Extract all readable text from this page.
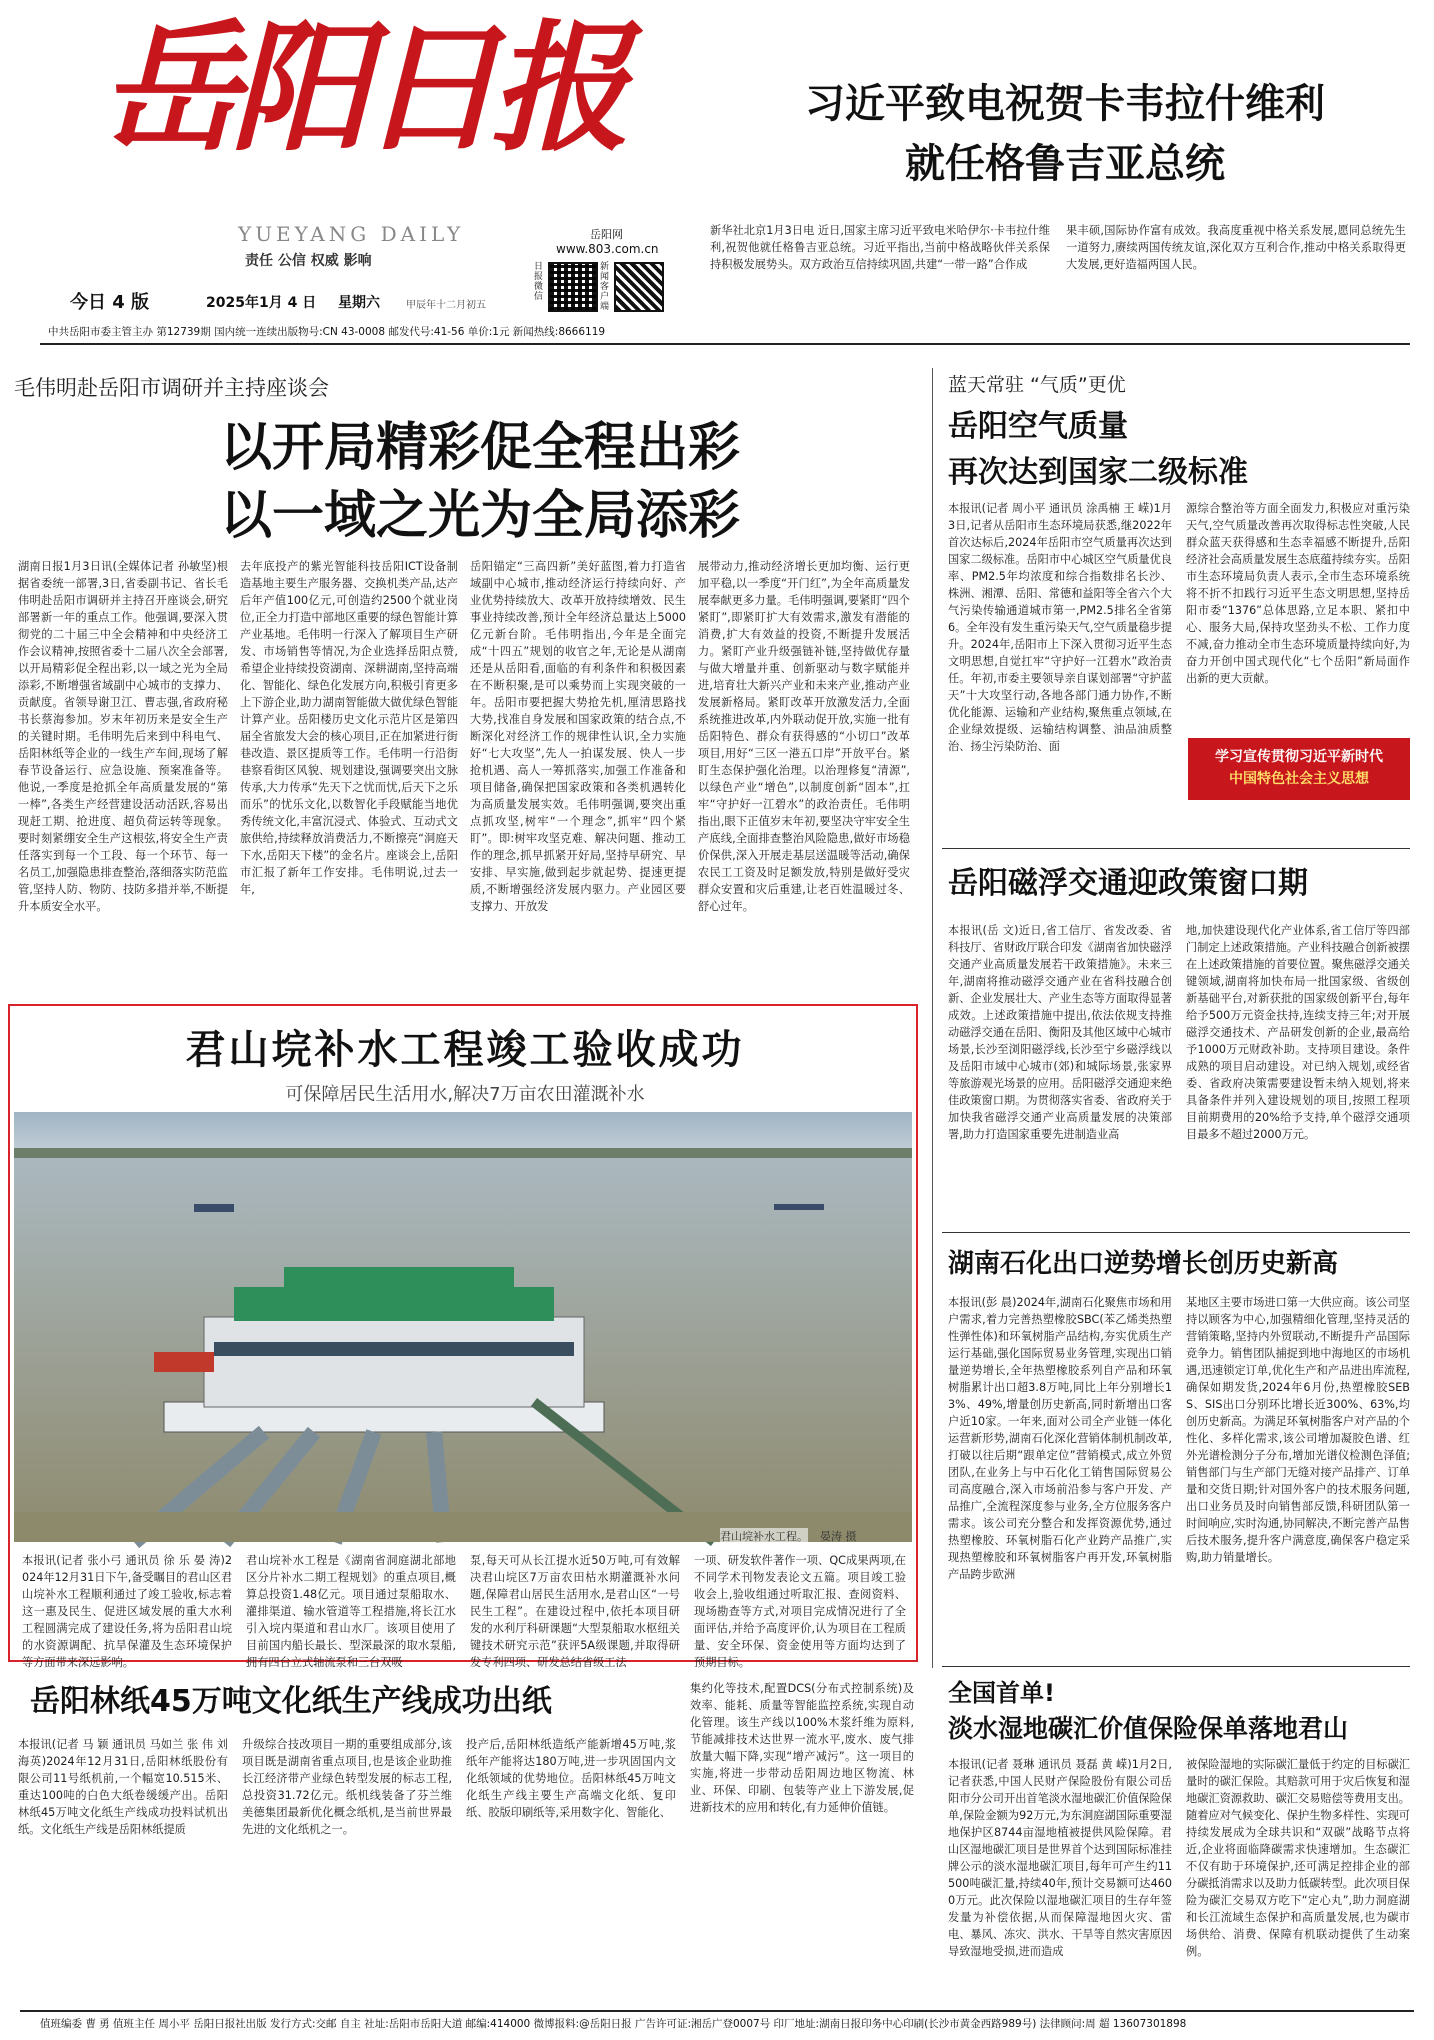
岳阳日报
YUEYANG DAILY
责任 公信 权威 影响
岳阳网
www.803.com.cn
日报微信
新闻客户端
今日 4 版	2025年1月 4 日 星期六	甲辰年十二月初五
中共岳阳市委主管主办 第12739期 国内统一连续出版物号:CN 43-0008 邮发代号:41-56 单价:1元 新闻热线:8666119
习近平致电祝贺卡韦拉什维利
就任格鲁吉亚总统
新华社北京1月3日电 近日,国家主席习近平致电米哈伊尔·卡韦拉什维利,祝贺他就任格鲁吉亚总统。习近平指出,当前中格战略伙伴关系保持积极发展势头。双方政治互信持续巩固,共建“一带一路”合作成
果丰硕,国际协作富有成效。我高度重视中格关系发展,愿同总统先生一道努力,赓续两国传统友谊,深化双方互利合作,推动中格关系取得更大发展,更好造福两国人民。
毛伟明赴岳阳市调研并主持座谈会
以开局精彩促全程出彩
以一域之光为全局添彩
湖南日报1月3日讯(全媒体记者 孙敏坚)根据省委统一部署,3日,省委副书记、省长毛伟明赴岳阳市调研并主持召开座谈会,研究部署新一年的重点工作。他强调,要深入贯彻党的二十届三中全会精神和中央经济工作会议精神,按照省委十二届八次全会部署,以开局精彩促全程出彩,以一域之光为全局添彩,不断增强省域副中心城市的支撑力、贡献度。省领导谢卫江、曹志强,省政府秘书长蔡海参加。岁末年初历来是安全生产的关键时期。毛伟明先后来到中科电气、岳阳林纸等企业的一线生产车间,现场了解春节设备运行、应急设施、预案准备等。他说,一季度是抢抓全年高质量发展的“第一棒”,各类生产经营建设活动活跃,容易出现赶工期、抢进度、超负荷运转等现象。要时刻紧绷安全生产这根弦,将安全生产责任落实到每一个工段、每一个环节、每一名员工,加强隐患排查整治,落细落实防范监管,坚持人防、物防、技防多措并举,不断提升本质安全水平。
去年底投产的紫光智能科技岳阳ICT设备制造基地主要生产服务器、交换机类产品,达产后年产值100亿元,可创造约2500个就业岗位,正全力打造中部地区重要的绿色智能计算产业基地。毛伟明一行深入了解项目生产研发、市场销售等情况,为企业选择岳阳点赞,希望企业持续投资湖南、深耕湖南,坚持高端化、智能化、绿色化发展方向,积极引育更多上下游企业,助力湖南智能做大做优绿色智能计算产业。岳阳楼历史文化示范片区是第四届全省旅发大会的核心项目,正在加紧进行街巷改造、景区提质等工作。毛伟明一行沿街巷察看街区风貌、规划建设,强调要突出文脉传承,大力传承“先天下之忧而忧,后天下之乐而乐”的忧乐文化,以数智化手段赋能当地优秀传统文化,丰富沉浸式、体验式、互动式文旅供给,持续释放消费活力,不断擦亮“洞庭天下水,岳阳天下楼”的金名片。座谈会上,岳阳市汇报了新年工作安排。毛伟明说,过去一年,
岳阳锚定“三高四新”美好蓝图,着力打造省域副中心城市,推动经济运行持续向好、产业优势持续放大、改革开放持续增效、民生事业持续改善,预计全年经济总量达上5000亿元新台阶。毛伟明指出,今年是全面完成“十四五”规划的收官之年,无论是从湖南还是从岳阳看,面临的有利条件和积极因素在不断积聚,是可以乘势而上实现突破的一年。岳阳市要把握大势抢先机,厘清思路找大势,找准自身发展和国家政策的结合点,不断深化对经济工作的规律性认识,全力实施好“七大攻坚”,先人一拍谋发展、快人一步抢机遇、高人一筹抓落实,加强工作准备和项目储备,确保把国家政策和各类机遇转化为高质量发展实效。毛伟明强调,要突出重点抓攻坚,树牢“一个理念”,抓牢“四个紧盯”。即:树牢攻坚克难、解决问题、推动工作的理念,抓早抓紧开好局,坚持早研究、早安排、早实施,做到起步就起势、提速更提质,不断增强经济发展内驱力。产业园区要支撑力、开放发
展带动力,推动经济增长更加均衡、运行更加平稳,以一季度“开门红”,为全年高质量发展奉献更多力量。毛伟明强调,要紧盯“四个紧盯”,即紧盯扩大有效需求,激发有潜能的消费,扩大有效益的投资,不断提升发展活力。紧盯产业升级强链补链,坚持做优存量与做大增量并重、创新驱动与数字赋能并进,培育壮大新兴产业和未来产业,推动产业发展新格局。紧盯改革开放激发活力,全面系统推进改革,内外联动促开放,实施一批有岳阳特色、群众有获得感的“小切口”改革项目,用好“三区一港五口岸”开放平台。紧盯生态保护强化治理。以治理修复“清源”,以绿色产业“增色”,以制度创新“固本”,扛牢“守护好一江碧水”的政治责任。毛伟明指出,眼下正值岁末年初,要坚决守牢安全生产底线,全面排查整治风险隐患,做好市场稳价保供,深入开展走基层送温暖等活动,确保农民工工资及时足额发放,特别是做好受灾群众安置和灾后重建,让老百姓温暖过冬、舒心过年。
蓝天常驻 “气质”更优
岳阳空气质量
再次达到国家二级标准
本报讯(记者 周小平 通讯员 涂禹楠 王 嵘)1月3日,记者从岳阳市生态环境局获悉,继2022年首次达标后,2024年岳阳市空气质量再次达到国家二级标准。岳阳市中心城区空气质量优良率、PM2.5年均浓度和综合指数排名长沙、株洲、湘潭、岳阳、常德和益阳等全省六个大气污染传输通道城市第一,PM2.5排名全省第6。全年没有发生重污染天气,空气质量稳步提升。2024年,岳阳市上下深入贯彻习近平生态文明思想,自觉扛牢“守护好一江碧水”政治责任。年初,市委主要领导亲自谋划部署“守护蓝天”十大攻坚行动,各地各部门通力协作,不断优化能源、运输和产业结构,聚焦重点领域,在企业绿效提级、运输结构调整、油品油质整治、扬尘污染防治、面
源综合整治等方面全面发力,积极应对重污染天气,空气质量改善再次取得标志性突破,人民群众蓝天获得感和生态幸福感不断提升,岳阳经济社会高质量发展生态底蕴持续夯实。岳阳市生态环境局负责人表示,全市生态环境系统将不折不扣践行习近平生态文明思想,坚持岳阳市委“1376”总体思路,立足本职、紧扣中心、服务大局,保持攻坚劲头不松、工作力度不减,奋力推动全市生态环境质量持续向好,为奋力开创中国式现代化“七个岳阳”新局面作出新的更大贡献。
学习宣传贯彻习近平新时代
中国特色社会主义思想
岳阳磁浮交通迎政策窗口期
本报讯(岳 文)近日,省工信厅、省发改委、省科技厅、省财政厅联合印发《湖南省加快磁浮交通产业高质量发展若干政策措施》。未来三年,湖南将推动磁浮交通产业在省科技融合创新、企业发展壮大、产业生态等方面取得显著成效。上述政策措施中提出,依法依规支持推动磁浮交通在岳阳、衡阳及其他区域中心城市场景,长沙至浏阳磁浮线,长沙至宁乡磁浮线以及岳阳市域中心城市(郊)和城际场景,张家界等旅游观光场景的应用。岳阳磁浮交通迎来绝佳政策窗口期。为贯彻落实省委、省政府关于加快我省磁浮交通产业高质量发展的决策部署,助力打造国家重要先进制造业高
地,加快建设现代化产业体系,省工信厅等四部门制定上述政策措施。产业科技融合创新被摆在上述政策措施的首要位置。聚焦磁浮交通关键领域,湖南将加快布局一批国家级、省级创新基础平台,对新获批的国家级创新平台,每年给予500万元资金扶持,连续支持三年;对开展磁浮交通技术、产品研发创新的企业,最高给予1000万元财政补助。支持项目建设。条件成熟的项目启动建设。对已纳入规划,或经省委、省政府决策需要建设暂未纳入规划,将来具备条件并列入建设规划的项目,按照工程项目前期费用的20%给予支持,单个磁浮交通项目最多不超过2000万元。
湖南石化出口逆势增长创历史新高
本报讯(彭 晨)2024年,湖南石化聚焦市场和用户需求,着力完善热塑橡胶SBC(苯乙烯类热塑性弹性体)和环氧树脂产品结构,夯实优质生产运行基础,强化国际贸易业务管理,实现出口销量逆势增长,全年热塑橡胶系列自产品和环氧树脂累计出口超3.8万吨,同比上年分别增长13%、49%,增量创历史新高,同时新增出口客户近10家。一年来,面对公司全产业链一体化运营新形势,湖南石化深化营销体制机制改革,打破以往后期“跟单定位”营销模式,成立外贸团队,在业务上与中石化化工销售国际贸易公司高度融合,深入市场前沿参与客户开发、产品推广,全流程深度参与业务,全方位服务客户需求。该公司充分整合和发挥资源优势,通过热塑橡胶、环氧树脂石化产业跨产品推广,实现热塑橡胶和环氧树脂客户再开发,环氧树脂产品跨步欧洲
某地区主要市场进口第一大供应商。该公司坚持以顾客为中心,加强精细化管理,坚持灵活的营销策略,坚持内外贸联动,不断提升产品国际竞争力。销售团队捕捉到地中海地区的市场机遇,迅速锁定订单,优化生产和产品进出库流程,确保如期发货,2024年6月份,热塑橡胶SEBS、SIS出口分别环比增长近300%、63%,均创历史新高。为满足环氧树脂客户对产品的个性化、多样化需求,该公司增加凝胶色谱、红外光谱检测分子分布,增加光谱仪检测色泽值;销售部门与生产部门无缝对接产品排产、订单量和交货日期;针对国外客户的技术服务问题,出口业务员及时向销售部反馈,科研团队第一时间响应,实时沟通,协同解决,不断完善产品售后技术服务,提升客户满意度,确保客户稳定采购,助力销量增长。
全国首单!
淡水湿地碳汇价值保险保单落地君山
本报讯(记者 聂琳 通讯员 聂磊 黄 嵘)1月2日,记者获悉,中国人民财产保险股份有限公司岳阳市分公司开出首笔淡水湿地碳汇价值保险保单,保险金额为92万元,为东洞庭湖国际重要湿地保护区8744亩湿地植被提供风险保障。君山区湿地碳汇项目是世界首个达到国际标准挂牌公示的淡水湿地碳汇项目,每年可产生约11500吨碳汇量,持续40年,预计交易额可达4600万元。此次保险以湿地碳汇项目的生存年签发量为补偿依据,从而保障湿地因火灾、雷电、暴风、冻灾、洪水、干旱等自然灾害原因导致湿地受损,进而造成
被保险湿地的实际碳汇量低于约定的目标碳汇量时的碳汇保险。其赔款可用于灾后恢复和湿地碳汇资源救助、碳汇交易赔偿等费用支出。随着应对气候变化、保护生物多样性、实现可持续发展成为全球共识和“双碳”战略节点将近,企业将面临降碳需求快速增加。生态碳汇不仅有助于环境保护,还可满足控排企业的部分碳抵消需求以及助力低碳转型。此次项目保险为碳汇交易双方吃下“定心丸”,助力洞庭湖和长江流域生态保护和高质量发展,也为碳市场供给、消费、保障有机联动提供了生动案例。
君山垸补水工程竣工验收成功
可保障居民生活用水,解决7万亩农田灌溉补水
君山垸补水工程。 晏涛 摄
本报讯(记者 张小弓 通讯员 徐 乐 晏 涛)2024年12月31日下午,备受瞩目的君山区君山垸补水工程顺利通过了竣工验收,标志着这一惠及民生、促进区域发展的重大水利工程圆满完成了建设任务,将为岳阳君山垸的水资源调配、抗旱保灌及生态环境保护等方面带来深远影响。
君山垸补水工程是《湖南省洞庭湖北部地区分片补水二期工程规划》的重点项目,概算总投资1.48亿元。项目通过泵船取水、灌排渠道、输水管道等工程措施,将长江水引入垸内渠道和君山水厂。该项目使用了目前国内船长最长、型深最深的取水泵船,拥有四台立式轴流泵和三台双吸
泵,每天可从长江提水近50万吨,可有效解决君山垸区7万亩农田枯水期灌溉补水问题,保障君山居民生活用水,是君山区“一号民生工程”。在建设过程中,依托本项目研发的水利厅科研课题“大型泵船取水枢纽关键技术研究示范”获评5A级课题,并取得研发专利四项、研发总结省级工法
一项、研发软件著作一项、QC成果两项,在不同学术刊物发表论文五篇。项目竣工验收会上,验收组通过听取汇报、查阅资料、现场勘查等方式,对项目完成情况进行了全面评估,并给予高度评价,认为项目在工程质量、安全环保、资金使用等方面均达到了预期目标。
岳阳林纸45万吨文化纸生产线成功出纸
本报讯(记者 马 颖 通讯员 马如兰 张 伟 刘海英)2024年12月31日,岳阳林纸股份有限公司11号纸机前,一个幅宽10.515米、重达100吨的白色大纸卷缓缓产出。岳阳林纸45万吨文化纸生产线成功投料试机出纸。文化纸生产线是岳阳林纸提质
升级综合技改项目一期的重要组成部分,该项目既是湖南省重点项目,也是该企业助推长江经济带产业绿色转型发展的标志工程,总投资31.72亿元。纸机线装备了芬兰维美德集团最新优化概念纸机,是当前世界最先进的文化纸机之一。
投产后,岳阳林纸造纸产能新增45万吨,浆纸年产能将达180万吨,进一步巩固国内文化纸领域的优势地位。岳阳林纸45万吨文化纸生产线主要生产高端文化纸、复印纸、胶版印刷纸等,采用数字化、智能化、
集约化等技术,配置DCS(分布式控制系统)及效率、能耗、质量等智能监控系统,实现自动化管理。该生产线以100%木浆纤维为原料,节能减排技术达世界一流水平,废水、废气排放量大幅下降,实现“增产减污”。这一项目的实施,将进一步带动岳阳周边地区物流、林业、环保、印刷、包装等产业上下游发展,促进新技术的应用和转化,有力延伸价值链。
值班编委 曹 勇 值班主任 周小平 岳阳日报社出版 发行方式:交邮 自主 社址:岳阳市岳阳大道 邮编:414000 微博报料:@岳阳日报 广告许可证:湘岳广登0007号 印厂地址:湖南日报印务中心印刷(长沙市黄金西路989号) 法律顾问:周 超 13607301898
